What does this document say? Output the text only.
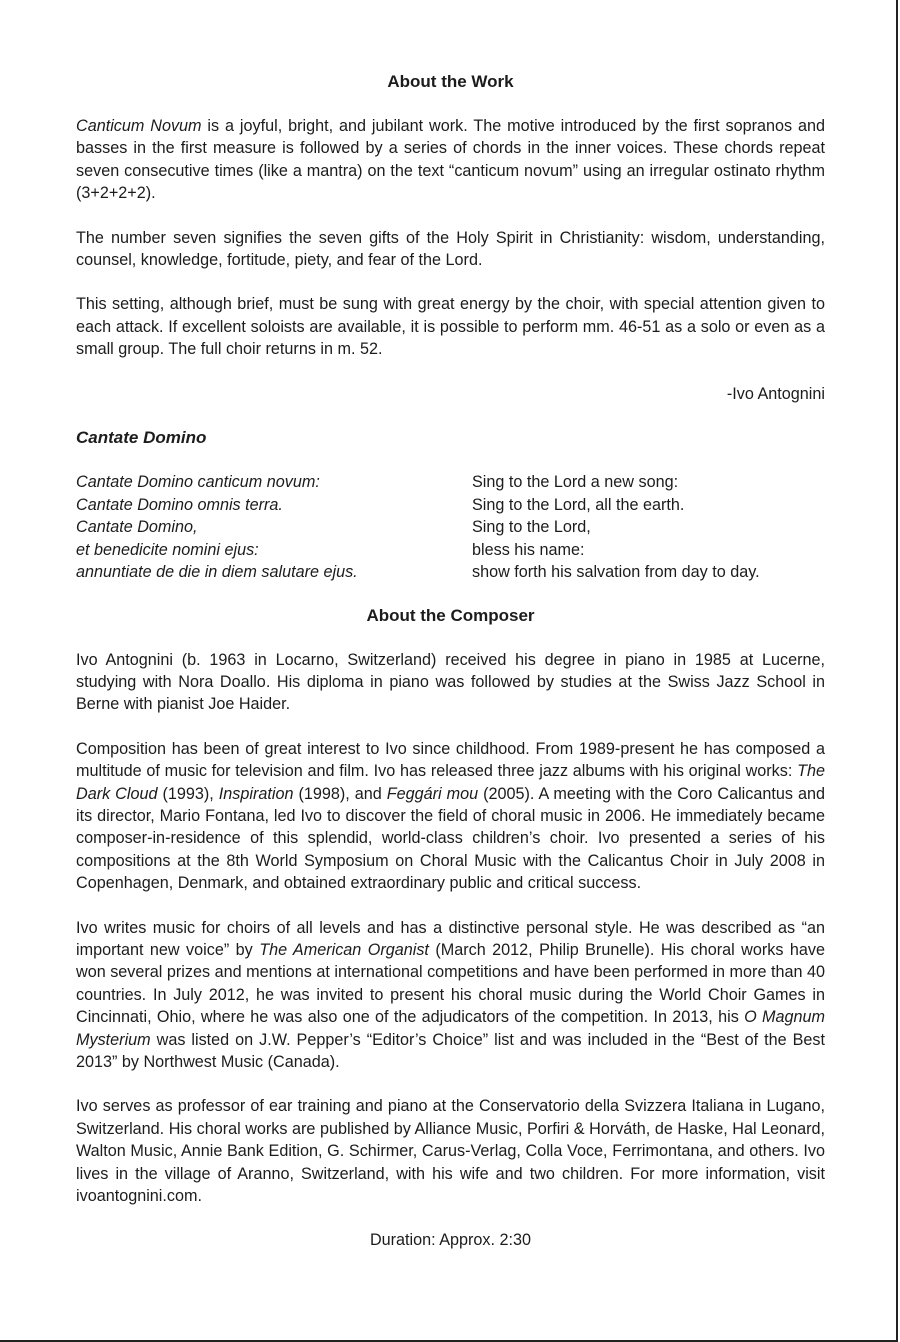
About the Work

Canticum Novum is a joyful, bright, and jubilant work. The motive introduced by the first sopranos and basses in the first measure is followed by a series of chords in the inner voices. These chords repeat seven consecutive times (like a mantra) on the text “canticum novum” using an irregular ostinato rhythm (3+2+2+2).

The number seven signifies the seven gifts of the Holy Spirit in Christianity: wisdom, understanding, counsel, knowledge, fortitude, piety, and fear of the Lord.

This setting, although brief, must be sung with great energy by the choir, with special attention given to each attack. If excellent soloists are available, it is possible to perform mm. 46-51 as a solo or even as a small group. The full choir returns in m. 52.

-Ivo Antognini

Cantate Domino

Cantate Domino canticum novum:	Sing to the Lord a new song:
Cantate Domino omnis terra.	Sing to the Lord, all the earth.
Cantate Domino,	Sing to the Lord,
et benedicite nomini ejus:	bless his name:
annuntiate de die in diem salutare ejus.	show forth his salvation from day to day.
About the Composer

Ivo Antognini (b. 1963 in Locarno, Switzerland) received his degree in piano in 1985 at Lucerne, studying with Nora Doallo. His diploma in piano was followed by studies at the Swiss Jazz School in Berne with pianist Joe Haider.

Composition has been of great interest to Ivo since childhood. From 1989-present he has composed a multitude of music for television and film. Ivo has released three jazz albums with his original works: The Dark Cloud (1993), Inspiration (1998), and Feggári mou (2005). A meeting with the Coro Calicantus and its director, Mario Fontana, led Ivo to discover the field of choral music in 2006. He immediately became composer-in-residence of this splendid, world-class children’s choir. Ivo presented a series of his compositions at the 8th World Symposium on Choral Music with the Calicantus Choir in July 2008 in Copenhagen, Denmark, and obtained extraordinary public and critical success.

Ivo writes music for choirs of all levels and has a distinctive personal style. He was described as “an important new voice” by The American Organist (March 2012, Philip Brunelle). His choral works have won several prizes and mentions at international competitions and have been performed in more than 40 countries. In July 2012, he was invited to present his choral music during the World Choir Games in Cincinnati, Ohio, where he was also one of the adjudicators of the competition. In 2013, his O Magnum Mysterium was listed on J.W. Pepper’s “Editor’s Choice” list and was included in the “Best of the Best 2013” by Northwest Music (Canada).

Ivo serves as professor of ear training and piano at the Conservatorio della Svizzera Italiana in Lugano, Switzerland. His choral works are published by Alliance Music, Porfiri & Horváth, de Haske, Hal Leonard, Walton Music, Annie Bank Edition, G. Schirmer, Carus-Verlag, Colla Voce, Ferrimontana, and others. Ivo lives in the village of Aranno, Switzerland, with his wife and two children. For more information, visit ivoantognini.com.

Duration: Approx. 2:30
